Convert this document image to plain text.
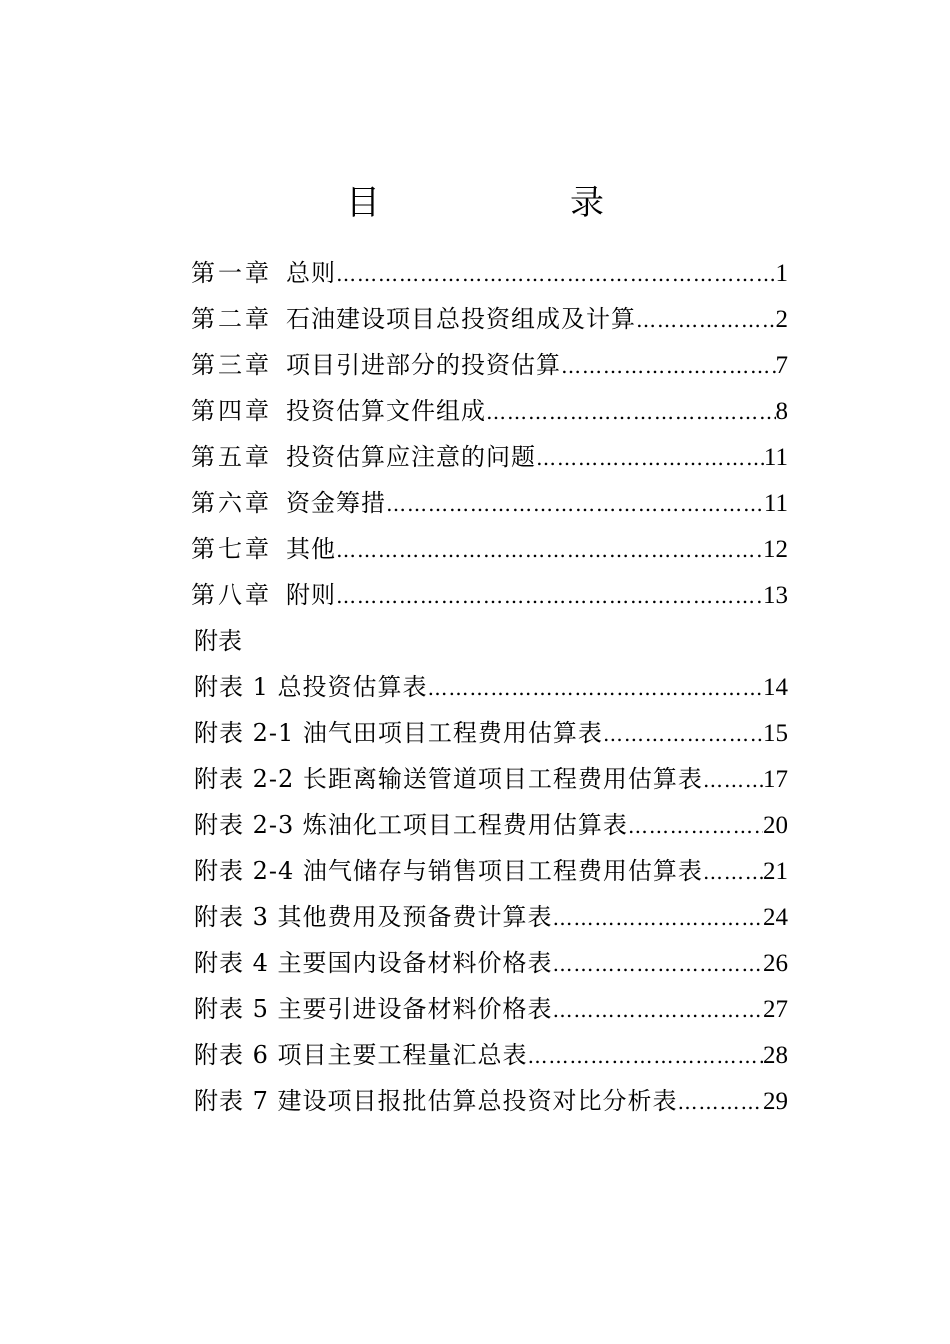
目　录
第一章 总则 ……………………………………………………………………………………………………………………	1
第二章 石油建设项目总投资组成及计算 ……………………………………………………………………………………………………………………	2
第三章 项目引进部分的投资估算 ……………………………………………………………………………………………………………………	7
第四章 投资估算文件组成 ……………………………………………………………………………………………………………………	8
第五章 投资估算应注意的问题 ……………………………………………………………………………………………………………………	11
第六章 资金筹措 ……………………………………………………………………………………………………………………	11
第七章 其他 ……………………………………………………………………………………………………………………	12
第八章 附则 ……………………………………………………………………………………………………………………	13
附表
附表 1 总投资估算表 ……………………………………………………………………………………………………………………	14
附表 2-1 油气田项目工程费用估算表 ……………………………………………………………………………………………………………………	15
附表 2-2 长距离输送管道项目工程费用估算表 …………………………………………………………………………………………………………………… 17
附表 2-3 炼油化工项目工程费用估算表 ……………………………………………………………………………………………………………………	20
附表 2-4 油气储存与销售项目工程费用估算表 …………………………………………………………………………………………………………………… 21
附表 3 其他费用及预备费计算表 ……………………………………………………………………………………………………………………	24
附表 4 主要国内设备材料价格表 ……………………………………………………………………………………………………………………	26
附表 5 主要引进设备材料价格表 ……………………………………………………………………………………………………………………	27
附表 6 项目主要工程量汇总表 ……………………………………………………………………………………………………………………	28
附表 7 建设项目报批估算总投资对比分析表 ……………………………………………………………………………………………………………………	29
